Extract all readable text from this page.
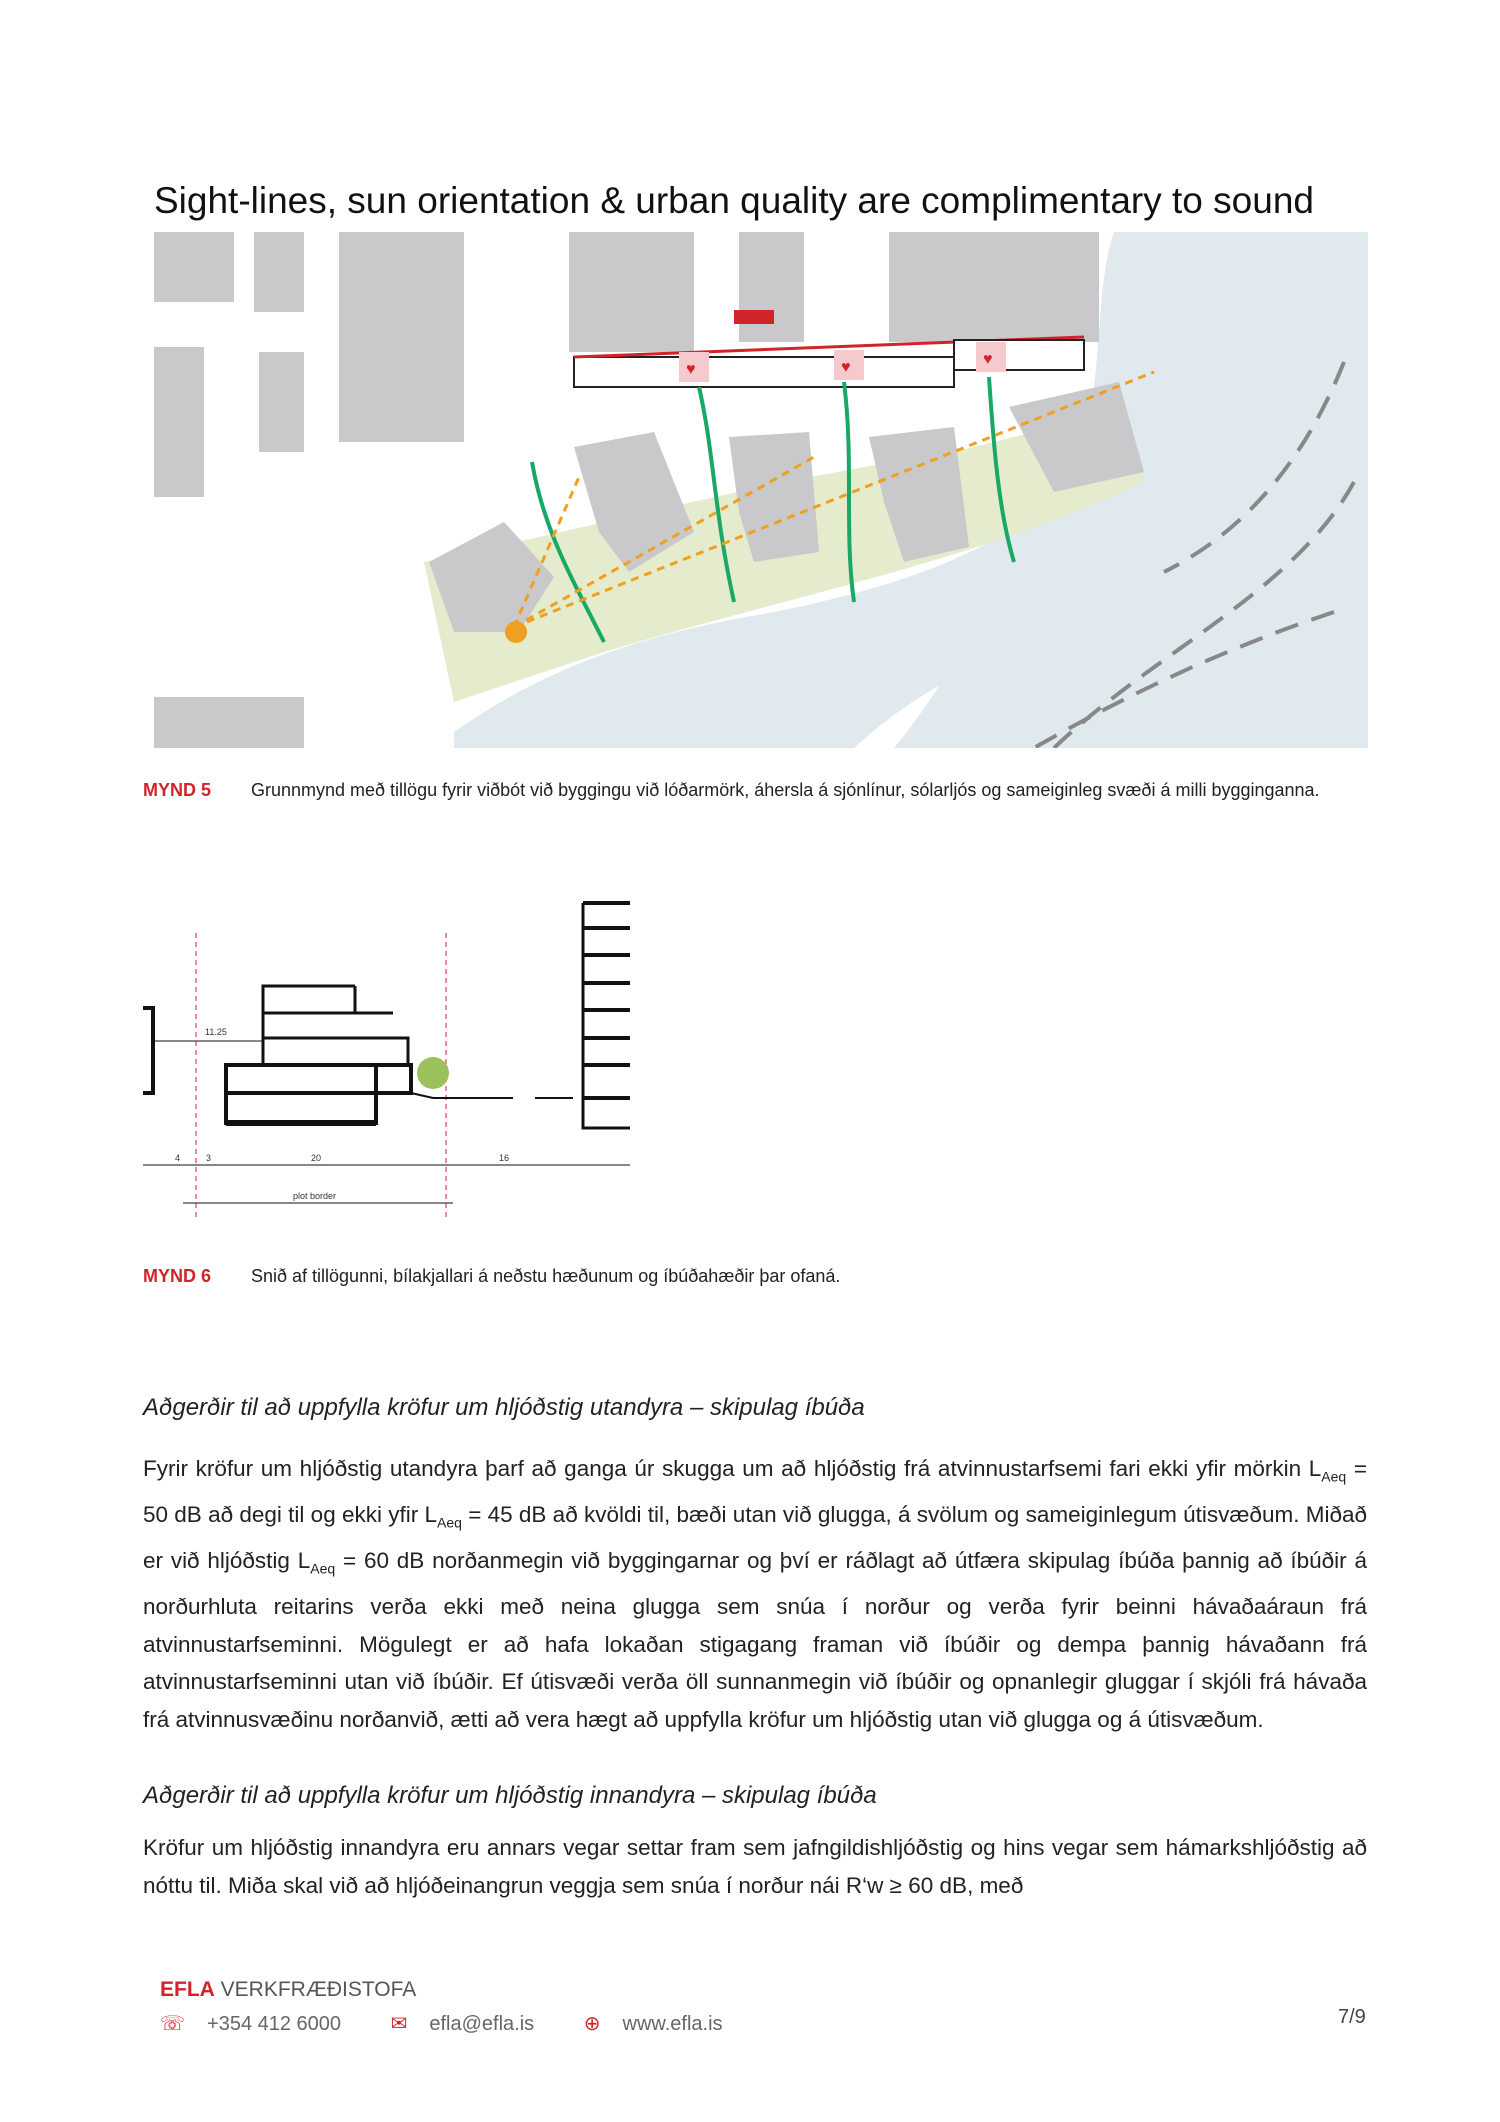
Sight-lines, sun orientation & urban quality are complimentary to sound
♥	♥	♥
MYND 5 Grunnmynd með tillögu fyrir viðbót við byggingu við lóðarmörk, áhersla á sjónlínur, sólarljós og sameiginleg svæði á milli bygginganna.
11.25
4	3	20	16
plot border
MYND 6 Snið af tillögunni, bílakjallari á neðstu hæðunum og íbúðahæðir þar ofaná.
Aðgerðir til að uppfylla kröfur um hljóðstig utandyra – skipulag íbúða

Fyrir kröfur um hljóðstig utandyra þarf að ganga úr skugga um að hljóðstig frá atvinnustarfsemi fari ekki yfir mörkin $L_{Aeq} = 50$ dB að degi til og ekki yfir $L_{Aeq} = 45$ dB að kvöldi til, bæði utan við glugga, á svölum og sameiginlegum útisvæðum. Miðað er við hljóðstig $L_{Aeq} = 60$ dB norðanmegin við byggingarnar og því er ráðlagt að útfæra skipulag íbúða þannig að íbúðir á norðurhluta reitarins verða ekki með neina glugga sem snúa í norður og verða fyrir beinni hávaðaáraun frá atvinnustarfseminni. Mögulegt er að hafa lokaðan stigagang framan við íbúðir og dempa þannig hávaðann frá atvinnustarfseminni utan við íbúðir. Ef útisvæði verða öll sunnanmegin við íbúðir og opnanlegir gluggar í skjóli frá hávaða frá atvinnusvæðinu norðanvið, ætti að vera hægt að uppfylla kröfur um hljóðstig utan við glugga og á útisvæðum.

Aðgerðir til að uppfylla kröfur um hljóðstig innandyra – skipulag íbúða

Kröfur um hljóðstig innandyra eru annars vegar settar fram sem jafngildishljóðstig og hins vegar sem hámarkshljóðstig að nóttu til. Miða skal við að hljóðeinangrun veggja sem snúa í norður nái R‘w ≥ 60 dB, með

EFLA VERKFRÆÐISTOFA
☏ +354 412 6000 ✉ efla@efla.is ⊕ www.efla.is	7/9
